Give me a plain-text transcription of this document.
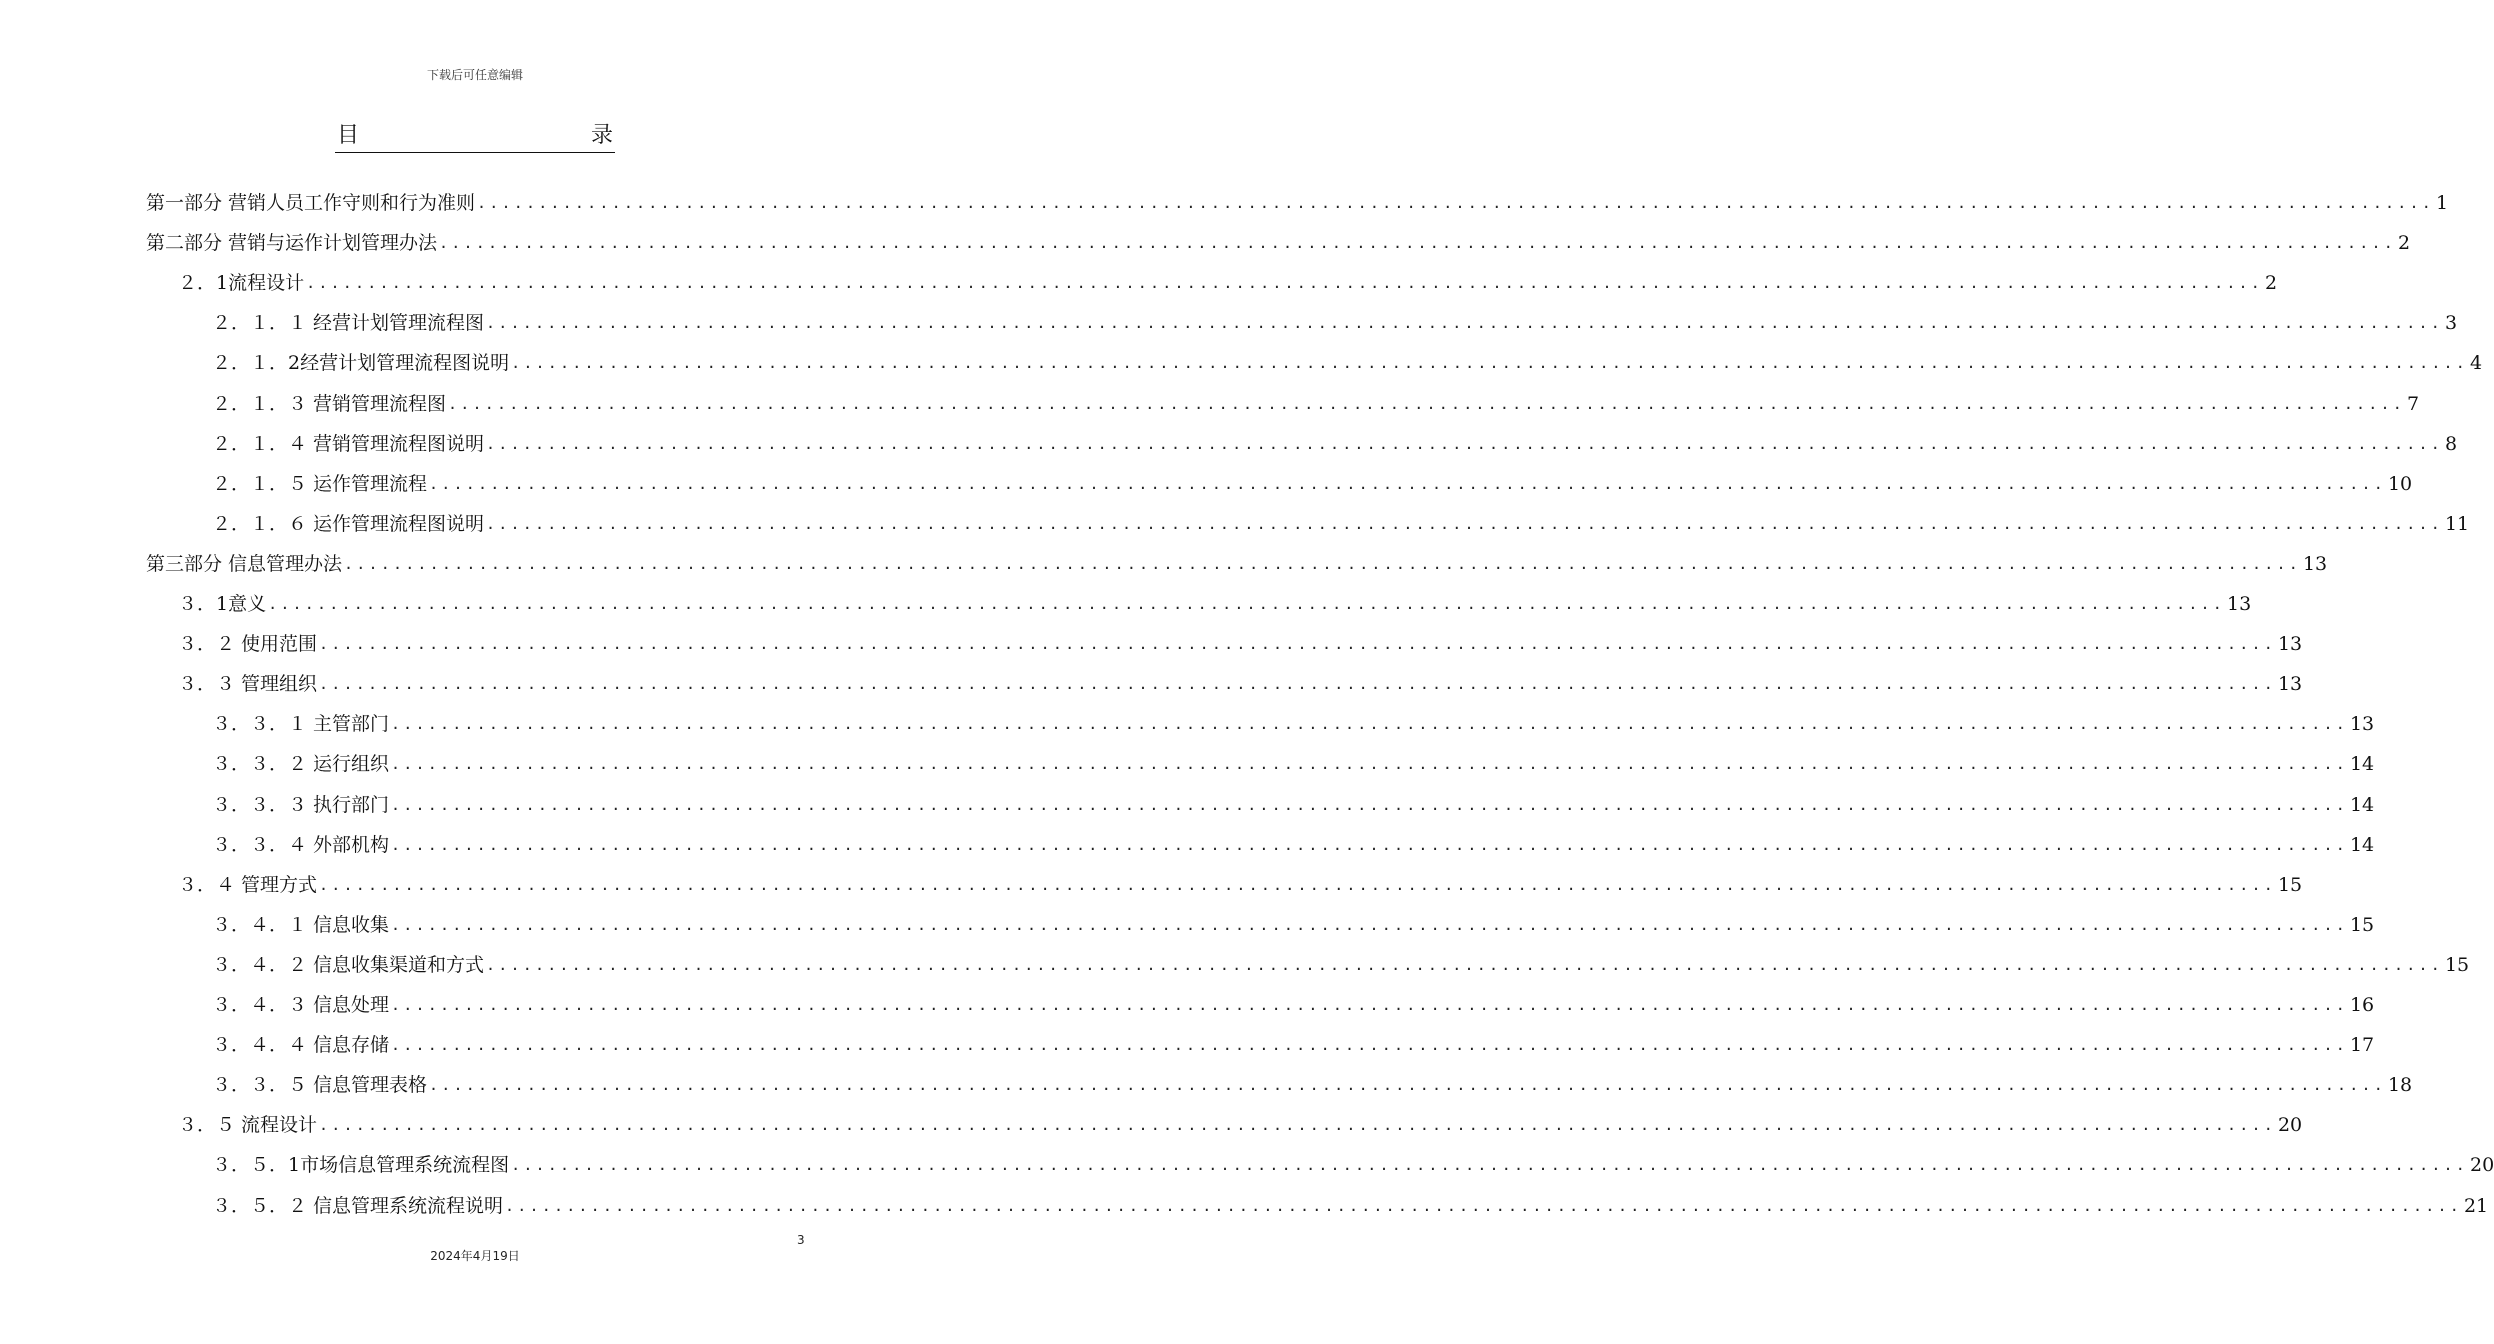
下载后可任意编辑
目	录
第一部分 营销人员工作守则和行为准则 ................................................................................................................................................................ 1
第二部分 营销与运作计划管理办法 ................................................................................................................................................................ 2
２．1流程设计 ................................................................................................................................................................ 2
２．１．１ 经营计划管理流程图 ................................................................................................................................................................ 3
２．１．2经营计划管理流程图说明 ................................................................................................................................................................ 4
２．１．３ 营销管理流程图 ................................................................................................................................................................ 7
２．１．４ 营销管理流程图说明 ................................................................................................................................................................ 8
２．１．５ 运作管理流程 ................................................................................................................................................................ 10
２．１．６ 运作管理流程图说明 ................................................................................................................................................................ 11
第三部分 信息管理办法 ................................................................................................................................................................ 13
３．1意义 ................................................................................................................................................................ 13
３．２ 使用范围 ................................................................................................................................................................ 13
３．３ 管理组织 ................................................................................................................................................................ 13
３．３．１ 主管部门 ................................................................................................................................................................ 13
３．３．２ 运行组织 ................................................................................................................................................................ 14
３．３．３ 执行部门 ................................................................................................................................................................ 14
３．３．４ 外部机构 ................................................................................................................................................................ 14
３．４ 管理方式 ................................................................................................................................................................ 15
３．４．１ 信息收集 ................................................................................................................................................................ 15
３．４．２ 信息收集渠道和方式 ................................................................................................................................................................ 15
３．４．３ 信息处理 ................................................................................................................................................................ 16
３．４．４ 信息存储 ................................................................................................................................................................ 17
３．３．５ 信息管理表格 ................................................................................................................................................................ 18
３．５ 流程设计 ................................................................................................................................................................ 20
３．５．1市场信息管理系统流程图 ................................................................................................................................................................ 20
３．５．２ 信息管理系统流程说明 ................................................................................................................................................................ 21
3
2024年4月19日
